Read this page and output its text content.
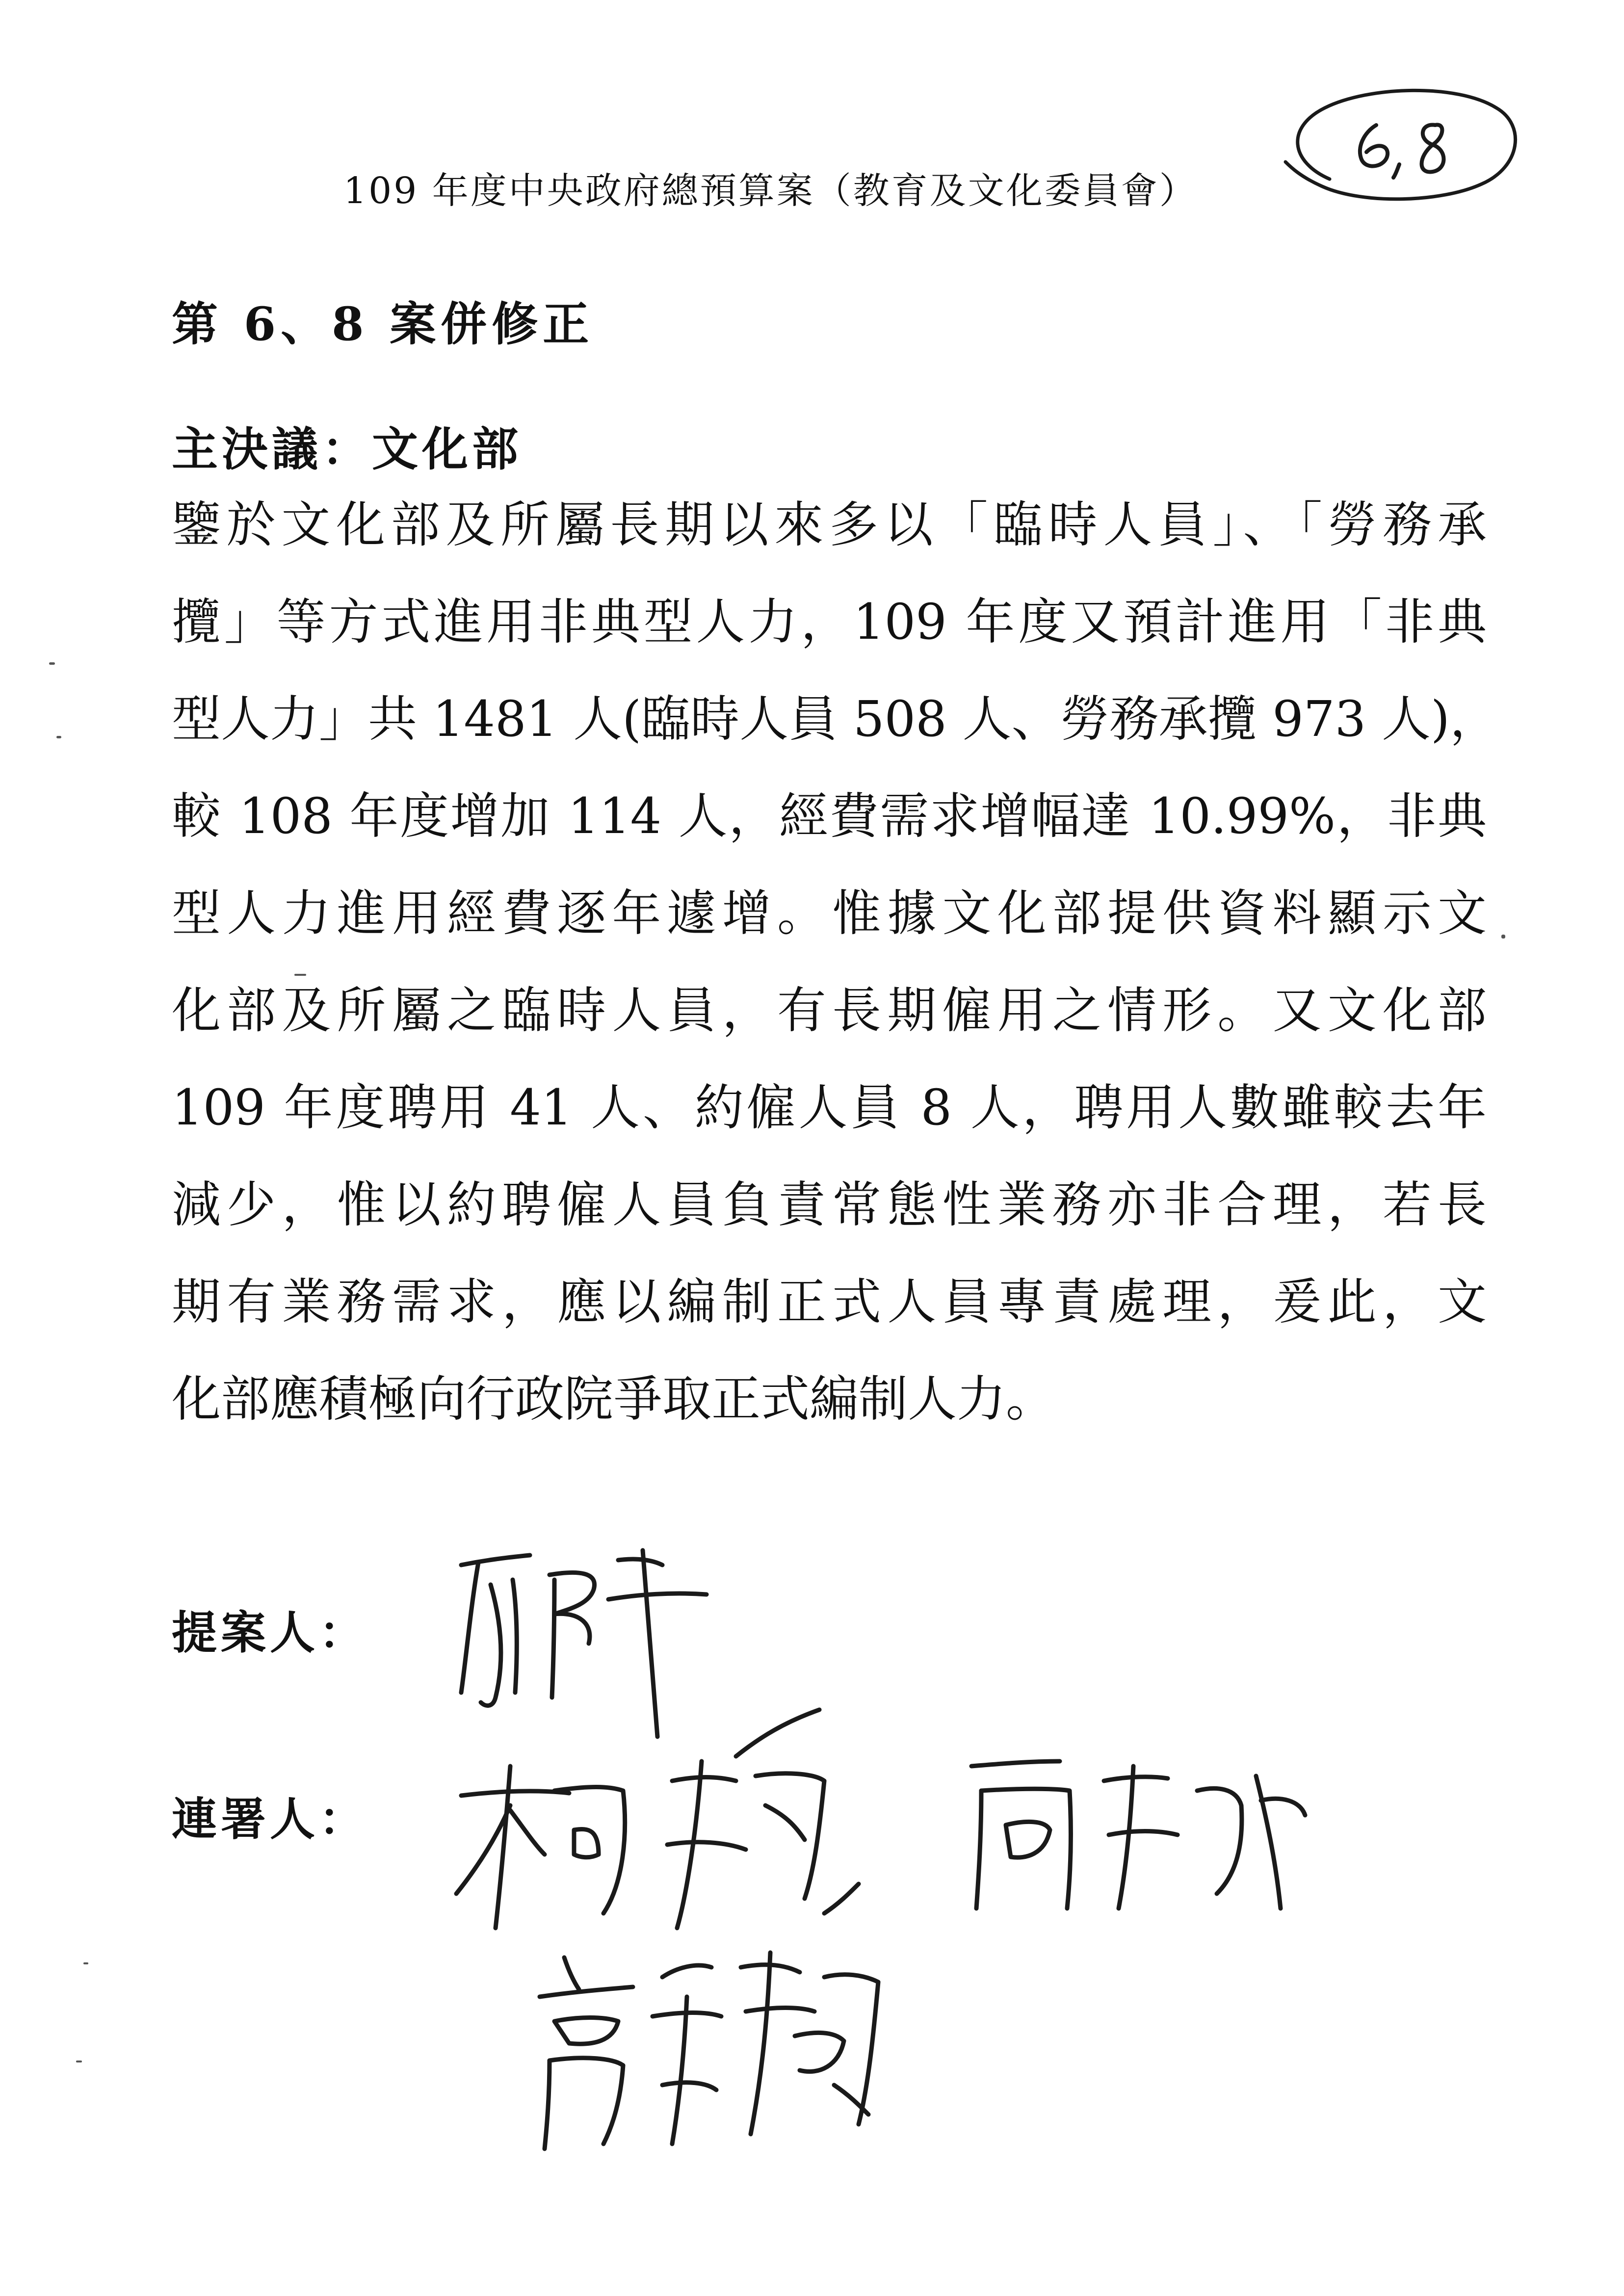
109 年度中央政府總預算案（教育及文化委員會）
第 6、8 案併修正
主決議：文化部
鑒於文化部及所屬長期以來多以「臨時人員」、「勞務承
攬」等方式進用非典型人力，109 年度又預計進用「非典
型人力」共 1481 人(臨時人員 508 人、勞務承攬 973 人)，
較 108 年度增加 114 人，經費需求增幅達 10.99%，非典
型人力進用經費逐年遽增。惟據文化部提供資料顯示文
化部及所屬之臨時人員，有長期僱用之情形。又文化部
109 年度聘用 41 人、約僱人員 8 人，聘用人數雖較去年
減少，惟以約聘僱人員負責常態性業務亦非合理，若長
期有業務需求，應以編制正式人員專責處理，爰此，文
化部應積極向行政院爭取正式編制人力。
提案人：
連署人：
